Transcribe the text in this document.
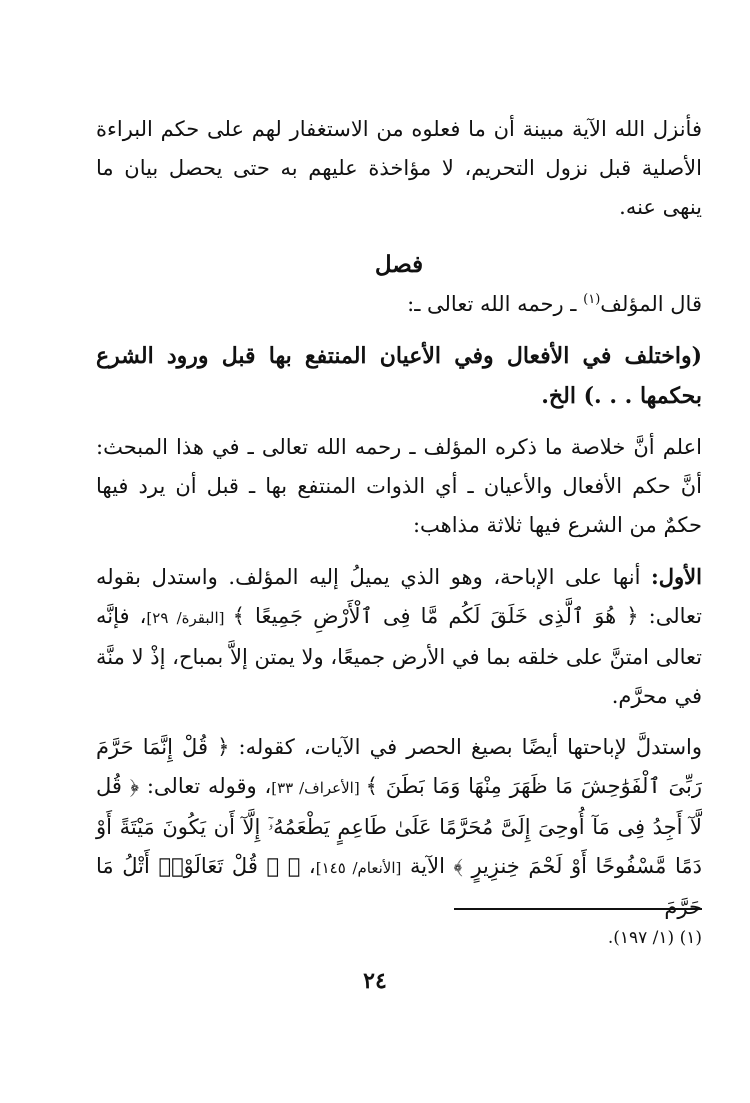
فأنزل الله الآية مبينة أن ما فعلوه من الاستغفار لهم على حكم البراءة الأصلية قبل نزول التحريم، لا مؤاخذة عليهم به حتى يحصل بيان ما ينهى عنه.

فصل

قال المؤلف$^{(١)}$ ـ رحمه الله تعالى ـ:

(واختلف في الأفعال وفي الأعيان المنتفع بها قبل ورود الشرع بحكمها . . .) الخ.

اعلم أنَّ خلاصة ما ذكره المؤلف ـ رحمه الله تعالى ـ في هذا المبحث: أنَّ حكم الأفعال والأعيان ـ أي الذوات المنتفع بها ـ قبل أن يرد فيها حكمٌ من الشرع فيها ثلاثة مذاهب:

الأول: أنها على الإباحة، وهو الذي يميلُ إليه المؤلف. واستدل بقوله تعالى: ﴿ هُوَ ٱلَّذِى خَلَقَ لَكُم مَّا فِى ٱلْأَرْضِ جَمِيعًا ﴾ [البقرة/ ٢٩]، فإنَّه تعالى امتنَّ على خلقه بما في الأرض جميعًا، ولا يمتن إلاَّ بمباح، إذْ لا منَّة في محرَّم.

واستدلَّ لإباحتها أيضًا بصيغ الحصر في الآيات، كقوله: ﴿ قُلْ إِنَّمَا حَرَّمَ رَبِّىَ ٱلْفَوَٰحِشَ مَا ظَهَرَ مِنْهَا وَمَا بَطَنَ ﴾ [الأعراف/ ٣٣]، وقوله تعالى: ﴿ قُل لَّآ أَجِدُ فِى مَآ أُوحِىَ إِلَىَّ مُحَرَّمًا عَلَىٰ طَاعِمٍ يَطْعَمُهُۥٓ إِلَّآ أَن يَكُونَ مَيْتَةً أَوْ دَمًا مَّسْفُوحًا أَوْ لَحْمَ خِنزِيرٍ ﴾ الآية [الأنعام/ ١٤٥]، ﴿ ۞ قُلْ تَعَالَوْا۟ أَتْلُ مَا حَرَّمَ

(١) (١/ ١٩٧).
٢٤
